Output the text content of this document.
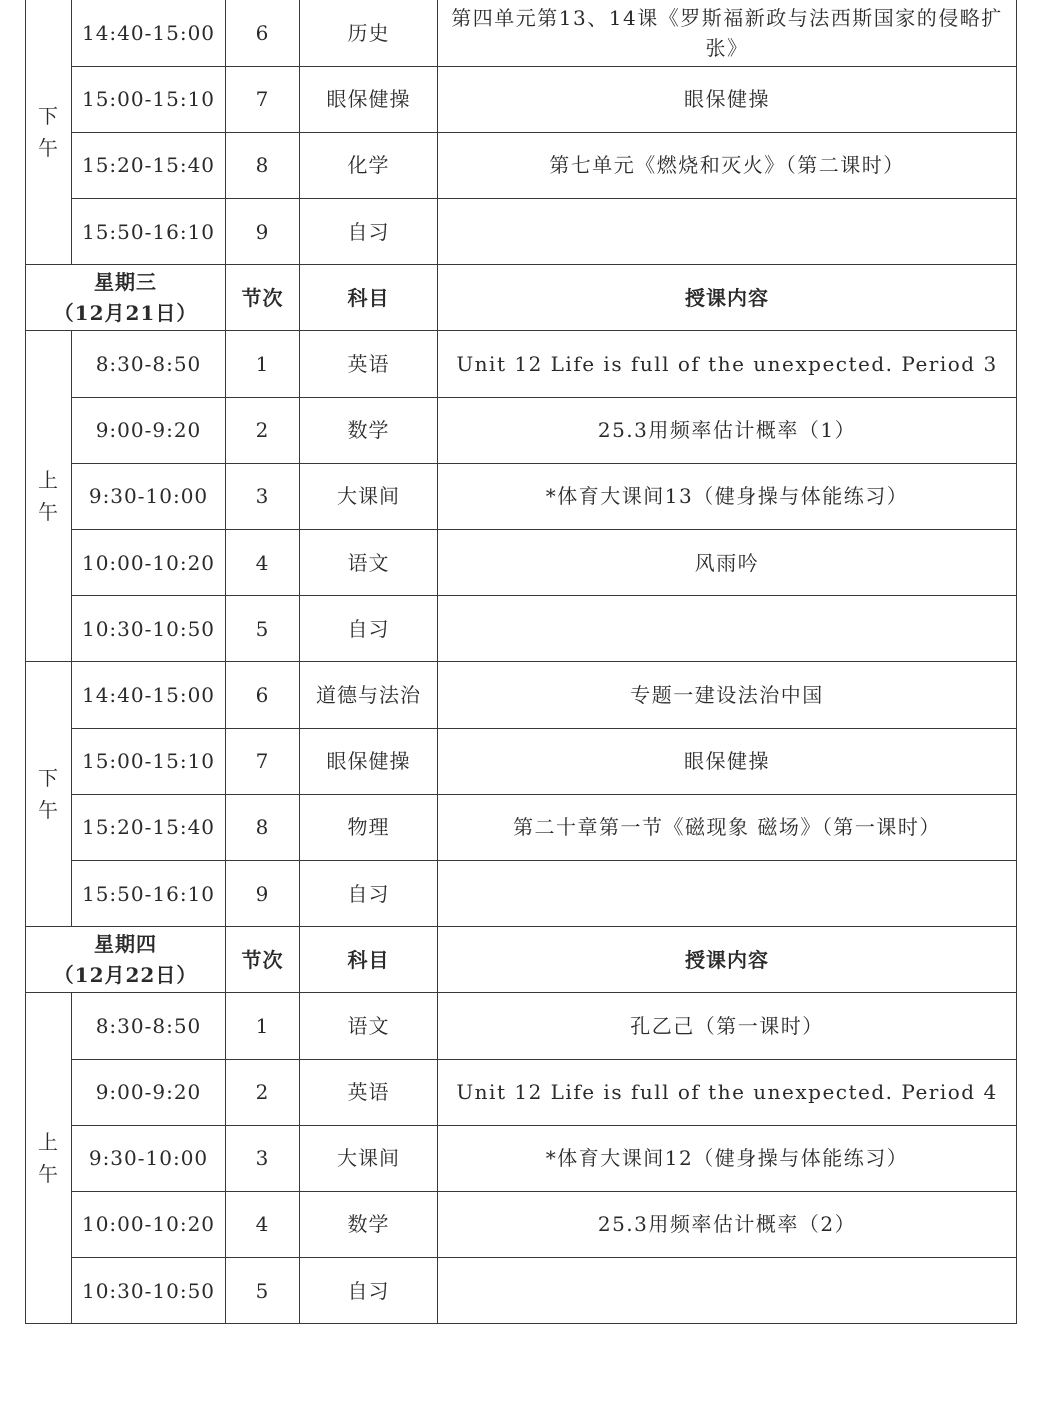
下
午	14:40-15:00	6	历史	第四单元第13、14课《罗斯福新政与法西斯国家的侵略扩张》
	15:00-15:10	7	眼保健操	眼保健操
	15:20-15:40	8	化学	第七单元《燃烧和灭火》（第二课时）
	15:50-16:10	9	自习	

星期三
（12月21日）		节次	科目	授课内容

上
午	8:30-8:50	1	英语	Unit 12 Life is full of the unexpected. Period 3
	9:00-9:20	2	数学	25.3用频率估计概率（1）
	9:30-10:00	3	大课间	*体育大课间13（健身操与体能练习）
	10:00-10:20	4	语文	风雨吟
	10:30-10:50	5	自习	

下
午	14:40-15:00	6	道德与法治	专题一建设法治中国
	15:00-15:10	7	眼保健操	眼保健操
	15:20-15:40	8	物理	第二十章第一节《磁现象 磁场》（第一课时）
	15:50-16:10	9	自习	

星期四
（12月22日）		节次	科目	授课内容

上
午	8:30-8:50	1	语文	孔乙己（第一课时）
	9:00-9:20	2	英语	Unit 12 Life is full of the unexpected. Period 4
	9:30-10:00	3	大课间	*体育大课间12（健身操与体能练习）
	10:00-10:20	4	数学	25.3用频率估计概率（2）
	10:30-10:50	5	自习	
